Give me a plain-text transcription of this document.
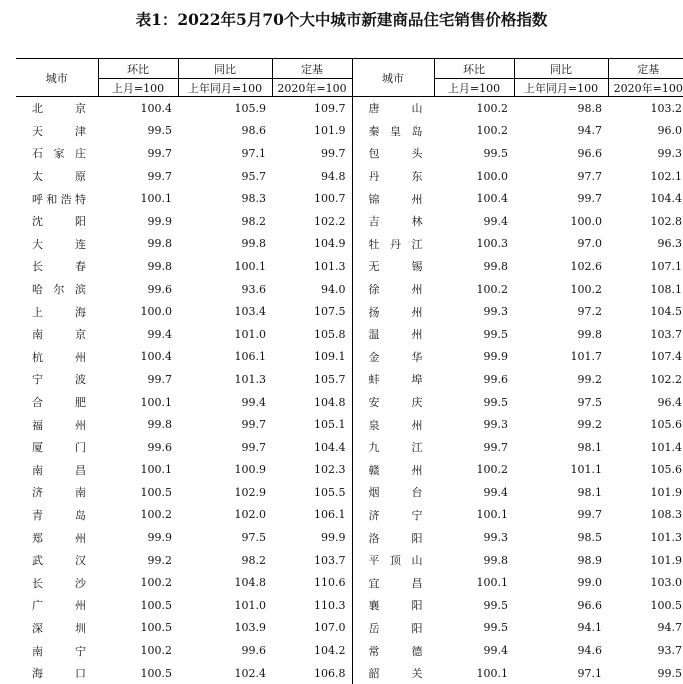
表1：2022年5月70个大中城市新建商品住宅销售价格指数
城市	环比	同比	定基	城市	环比	同比	定基
	上月=100	上年同月=100	2020年=100		上月=100	上年同月=100	2020年=100
北　京	100.4	105.9	109.7	唐　山	100.2	98.8	103.2
天　津	99.5	98.6	101.9	秦皇岛	100.2	94.7	96.0
石家庄	99.7	97.1	99.7	包　头	99.5	96.6	99.3
太　原	99.7	95.7	94.8	丹　东	100.0	97.7	102.1
呼和浩特	100.1	98.3	100.7	锦　州	100.4	99.7	104.4
沈　阳	99.9	98.2	102.2	吉　林	99.4	100.0	102.8
大　连	99.8	99.8	104.9	牡丹江	100.3	97.0	96.3
长　春	99.8	100.1	101.3	无　锡	99.8	102.6	107.1
哈尔滨	99.6	93.6	94.0	徐　州	100.2	100.2	108.1
上　海	100.0	103.4	107.5	扬　州	99.3	97.2	104.5
南　京	99.4	101.0	105.8	温　州	99.5	99.8	103.7
杭　州	100.4	106.1	109.1	金　华	99.9	101.7	107.4
宁　波	99.7	101.3	105.7	蚌　埠	99.6	99.2	102.2
合　肥	100.1	99.4	104.8	安　庆	99.5	97.5	96.4
福　州	99.8	99.7	105.1	泉　州	99.3	99.2	105.6
厦　门	99.6	99.7	104.4	九　江	99.7	98.1	101.4
南　昌	100.1	100.9	102.3	赣　州	100.2	101.1	105.6
济　南	100.5	102.9	105.5	烟　台	99.4	98.1	101.9
青　岛	100.2	102.0	106.1	济　宁	100.1	99.7	108.3
郑　州	99.9	97.5	99.9	洛　阳	99.3	98.5	101.3
武　汉	99.2	98.2	103.7	平顶山	99.8	98.9	101.9
长　沙	100.2	104.8	110.6	宜　昌	100.1	99.0	103.0
广　州	100.5	101.0	110.3	襄　阳	99.5	96.6	100.5
深　圳	100.5	103.9	107.0	岳　阳	99.5	94.1	94.7
南　宁	100.2	99.6	104.2	常　德	99.4	94.6	93.7
海　口	100.5	102.4	106.8	韶　关	100.1	97.1	99.5
